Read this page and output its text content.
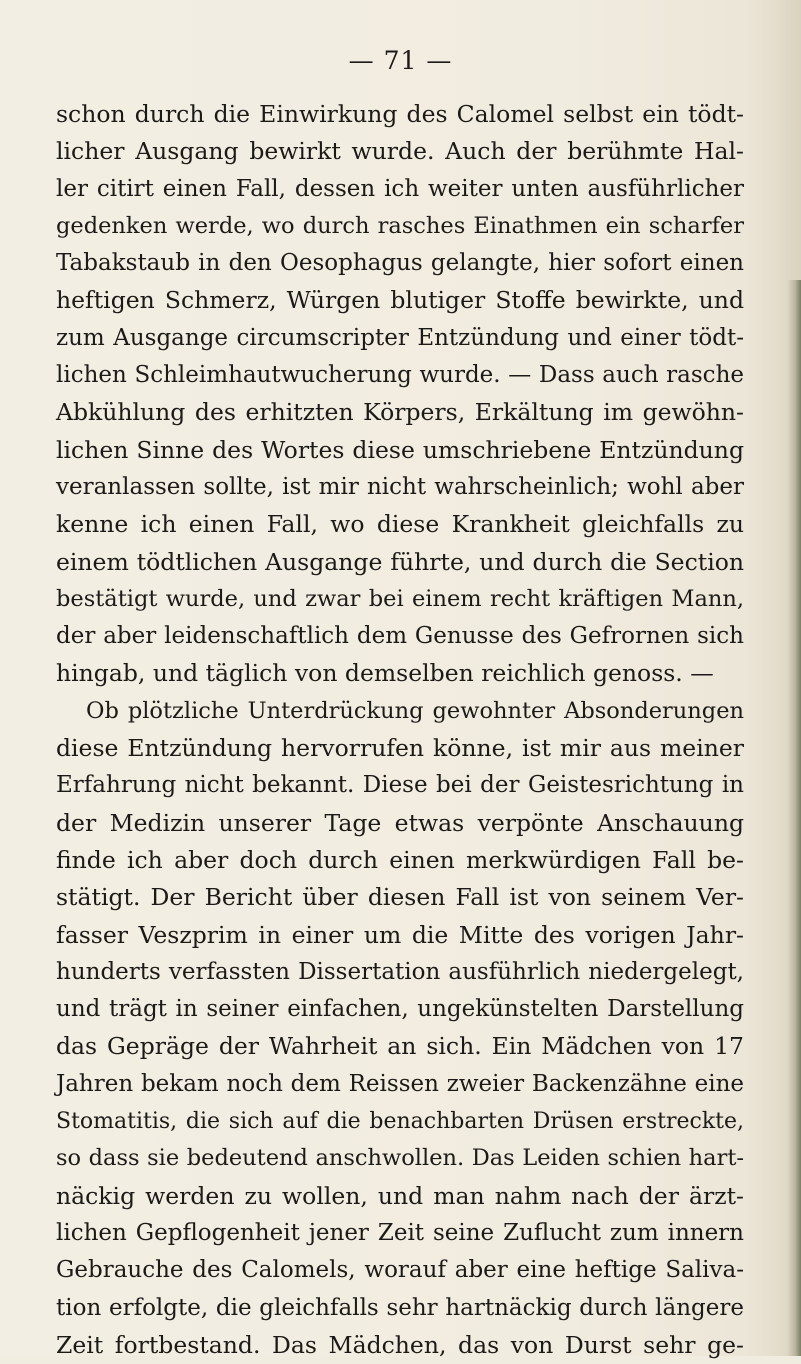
— 71 —
schon durch die Einwirkung des Calomel selbst ein tödt-
licher Ausgang bewirkt wurde. Auch der berühmte Hal-
ler citirt einen Fall, dessen ich weiter unten ausführlicher
gedenken werde, wo durch rasches Einathmen ein scharfer
Tabakstaub in den Oesophagus gelangte, hier sofort einen
heftigen Schmerz, Würgen blutiger Stoffe bewirkte, und
zum Ausgange circumscripter Entzündung und einer tödt-
lichen Schleimhautwucherung wurde. — Dass auch rasche
Abkühlung des erhitzten Körpers, Erkältung im gewöhn-
lichen Sinne des Wortes diese umschriebene Entzündung
veranlassen sollte, ist mir nicht wahrscheinlich; wohl aber
kenne ich einen Fall, wo diese Krankheit gleichfalls zu
einem tödtlichen Ausgange führte, und durch die Section
bestätigt wurde, und zwar bei einem recht kräftigen Mann,
der aber leidenschaftlich dem Genusse des Gefrornen sich
hingab, und täglich von demselben reichlich genoss. —
Ob plötzliche Unterdrückung gewohnter Absonderungen
diese Entzündung hervorrufen könne, ist mir aus meiner
Erfahrung nicht bekannt. Diese bei der Geistesrichtung in
der Medizin unserer Tage etwas verpönte Anschauung
finde ich aber doch durch einen merkwürdigen Fall be-
stätigt. Der Bericht über diesen Fall ist von seinem Ver-
fasser Veszprim in einer um die Mitte des vorigen Jahr-
hunderts verfassten Dissertation ausführlich niedergelegt,
und trägt in seiner einfachen, ungekünstelten Darstellung
das Gepräge der Wahrheit an sich. Ein Mädchen von 17
Jahren bekam noch dem Reissen zweier Backenzähne eine
Stomatitis, die sich auf die benachbarten Drüsen erstreckte,
so dass sie bedeutend anschwollen. Das Leiden schien hart-
näckig werden zu wollen, und man nahm nach der ärzt-
lichen Gepflogenheit jener Zeit seine Zuflucht zum innern
Gebrauche des Calomels, worauf aber eine heftige Saliva-
tion erfolgte, die gleichfalls sehr hartnäckig durch längere
Zeit fortbestand. Das Mädchen, das von Durst sehr ge-
